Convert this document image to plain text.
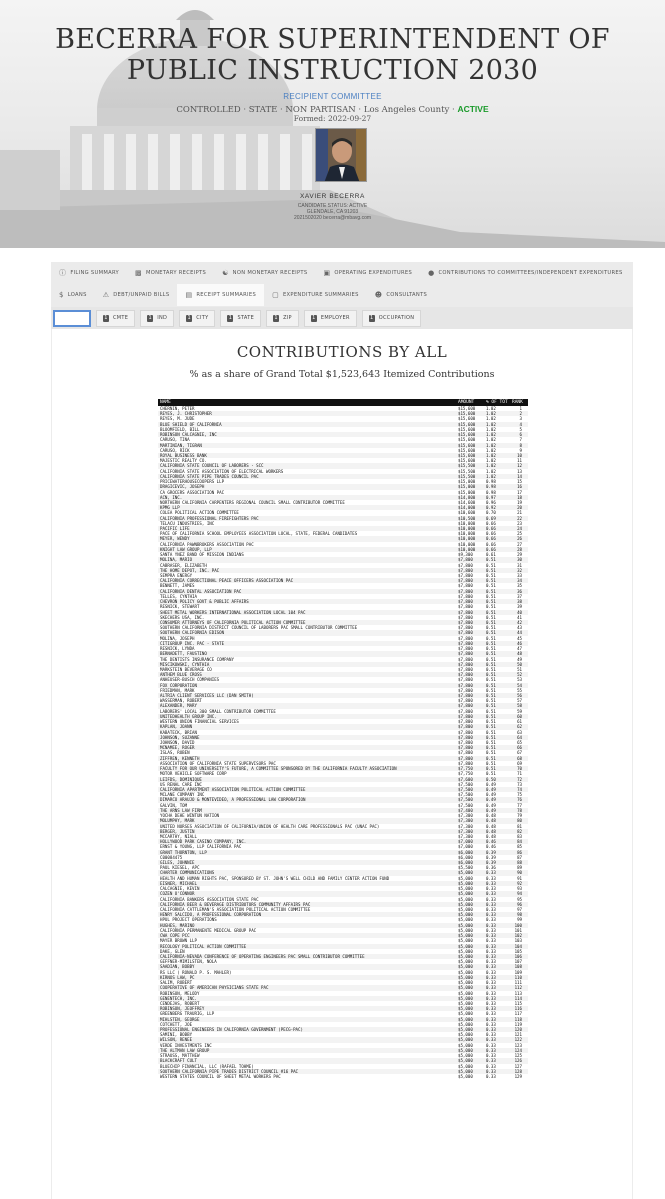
BECERRA FOR SUPERINTENDENT OF PUBLIC INSTRUCTION 2030
RECIPIENT COMMITTEE
CONTROLLED · STATE · NON PARTISAN · Los Angeles County · ACTIVE
Formed: 2022-09-27
XAVIER BECERRA
CANDIDATE STATUS: ACTIVE
GLENDALE, CA 91203
2021502020 becerra@mbavg.com
ⓘ FILING SUMMARY ▩ MONETARY RECEIPTS ☯ NON MONETARY RECEIPTS ▣ OPERATING EXPENDITURES ● CONTRIBUTIONS TO COMMITTEES/INDEPENDENT EXPENDITURES
$ LOANS ⚠ DEBT/UNPAID BILLS ▤ RECEIPT SUMMARIES ▢ EXPENDITURE SUMMARIES ☻ CONSULTANTS
1 CMTE	1 IND	1 CITY	1 STATE	1 ZIP	1 EMPLOYER	1 OCCUPATION
CONTRIBUTIONS BY ALL
% as a share of Grand Total $1,523,643 Itemized Contributions
NAME	AMOUNT	% OF TOT RANK
CHERNIN, PETER	$15,600	1.02	1
REYES, J. CHRISTOPHER	$15,600	1.02	2
REYES, M. JUDE	$15,600	1.02	3
BLUE SHIELD OF CALIFORNIA	$15,600	1.02	4
BLOOMFIELD, BILL	$15,600	1.02	5
ROBINSON CALCAGNIE, INC	$15,600	1.02	6
CARUSO, TINA	$15,600	1.02	7
MARTINIAN, TIGRAN	$15,600	1.02	8
CARUSO, RICK	$15,600	1.02	9
ROYAL BUSINESS BANK	$15,600	1.02	10
MAJESTIC REALTY CO.	$15,600	1.02	11
CALIFORNIA STATE COUNCIL OF LABORERS - SCC	$15,500	1.02	12
CALIFORNIA STATE ASSOCIATION OF ELECTRICAL WORKERS	$15,500	1.02	13
CALIFORNIA STATE PIPE TRADES COUNCIL PAC	$15,500	1.02	14
PRICEWATERHOUSECOOPERS LLP	$15,000	0.98	15
DRAGICEVIC, JOSEPH	$15,000	0.98	16
CA GROCERS ASSOCIATION PAC	$15,000	0.98	17
ACN, INC.	$14,800	0.97	18
NORTHERN CALIFORNIA CARPENTERS REGIONAL COUNCIL SMALL CONTRIBUTOR COMMITTEE	$14,600	0.96	19
KPMG LLP	$14,000	0.92	20
COLEA POLITICAL ACTION COMMITTEE	$10,600	0.70	21
CALIFORNIA PROFESSIONAL FIREFIGHTERS PAC	$10,500	0.69	22
TELACU INDUSTRIES, INC	$10,000	0.66	23
PACIFIC LIFE	$10,000	0.66	24
PACE OF CALIFORNIA SCHOOL EMPLOYEES ASSOCIATION LOCAL, STATE, FEDERAL CANDIDATES	$10,000	0.66	25
MEYER, WENDY	$10,000	0.66	26
CALIFORNIA PAWNBROKERS ASSOCIATION PAC	$10,000	0.66	27
KNIGHT LAW GROUP, LLP	$10,000	0.66	28
SANTA YNEZ BAND OF MISSION INDIANS	$9,300	0.61	29
MOLINA, MARIO	$7,800	0.51	30
CABRASER, ELIZABETH	$7,800	0.51	31
THE HOME DEPOT, INC. PAC	$7,800	0.51	32
SEMPRA ENERGY	$7,800	0.51	33
CALIFORNIA CORRECTIONAL PEACE OFFICERS ASSOCIATION PAC	$7,800	0.51	34
BENNETT, JAMES	$7,800	0.51	35
CALIFORNIA DENTAL ASSOCIATION PAC	$7,800	0.51	36
TELLES, CYNTHIA	$7,800	0.51	37
CHEVRON POLICY GOVT & PUBLIC AFFAIRS	$7,800	0.51	38
RESNICK, STEWART	$7,800	0.51	39
SHEET METAL WORKERS INTERNATIONAL ASSOCIATION LOCAL 104 PAC	$7,800	0.51	40
SKECHERS USA, INC.	$7,800	0.51	41
CONSUMER ATTORNEYS OF CALIFORNIA POLITICAL ACTION COMMITTEE	$7,800	0.51	42
SOUTHERN CALIFORNIA DISTRICT COUNCIL OF LABORERS PAC SMALL CONTRIBUTOR COMMITTEE	$7,800	0.51	43
SOUTHERN CALIFORNIA EDISON	$7,800	0.51	44
MOLINA, JOSEPH	$7,800	0.51	45
CITIGROUP INC. PAC - STATE	$7,800	0.51	46
RESNICK, LYNDA	$7,800	0.51	47
BERNADETT, FAUSTINO	$7,800	0.51	48
THE DENTISTS INSURANCE COMPANY	$7,800	0.51	49
MISCIKOWSKI, CYNTHIA	$7,800	0.51	50
MARKSTEIN BEVERAGE CO	$7,800	0.51	51
ANTHEM BLUE CROSS	$7,800	0.51	52
ANHEUSER-BUSCH COMPANIES	$7,800	0.51	53
FOX CORPORATION	$7,800	0.51	54
FRIEDMAN, MARK	$7,800	0.51	55
ALTRIA CLIENT SERVICES LLC (DAN SMITH)	$7,800	0.51	56
WASSERMAN, ROBERT	$7,800	0.51	57
ALEXANDER, MARY	$7,800	0.51	58
LABORERS' LOCAL 300 SMALL CONTRIBUTOR COMMITTEE	$7,800	0.51	59
UNITEDHEALTH GROUP INC.	$7,800	0.51	60
WESTERN UNION FINANCIAL SERVICES	$7,800	0.51	61
KAPLAN, JOANN	$7,800	0.51	62
KABATECK, BRIAN	$7,800	0.51	63
JOHNSON, SUZANNE	$7,800	0.51	64
JOHNSON, DAVID	$7,800	0.51	65
MCNAMEE, ROGER	$7,800	0.51	66
ISLAS, RUBEN	$7,800	0.51	67
ZIFFREN, KENNETH	$7,800	0.51	68
ASSOCIATION OF CALIFORNIA STATE SUPERVISORS PAC	$7,800	0.51	69
FACULTY FOR OUR UNIVERSITY'S FUTURE, A COMMITTEE SPONSORED BY THE CALIFORNIA FACULTY ASSOCIATION	$7,750	0.51	70
MOTOR VEHICLE SOFTWARE CORP	$7,750	0.51	71
LEIFDS, DOMINIQUE	$7,600	0.50	72
US RENAL CARE INC	$7,500	0.49	73
CALIFORNIA APARTMENT ASSOCIATION POLITICAL ACTION COMMITTEE	$7,500	0.49	74
MCLANE COMPANY INC	$7,500	0.49	75
DIMARCO ARAUJO & MONTEVIDEO, A PROFESSIONAL LAW CORPORATION	$7,500	0.49	76
GALVIN, TOM	$7,500	0.49	77
THE ARNS LAW FIRM	$7,400	0.49	78
YOCHA DEHE WINTUN NATION	$7,300	0.48	79
MOLUMPHY, MARK	$7,300	0.48	80
UNITED NURSES ASSOCIATION OF CALIFORNIA/UNION OF HEALTH CARE PROFESSIONALS PAC (UNAC PAC)	$7,300	0.48	81
BERGER, JUSTIN	$7,300	0.48	82
MCCARTHY, NIALL	$7,300	0.48	83
HOLLYWOOD PARK CASINO COMPANY, INC.	$7,000	0.46	84
ERNST & YOUNG, LLP CALIFORNIA PAC	$7,000	0.46	85
GRANT THORNTON, LLP	$6,000	0.39	86
C00084475	$6,000	0.39	87
GILES, JOHNNIE	$6,000	0.39	88
PAUL KIESEL, APC	$5,500	0.36	89
CHARTER COMMUNICATIONS	$5,000	0.33	90
HEALTH AND HUMAN RIGHTS PAC, SPONSORED BY ST. JOHN'S WELL CHILD AND FAMILY CENTER ACTION FUND	$5,000	0.33	91
EISNER, MICHAEL	$5,000	0.33	92
CALCAGNIE, KEVIN	$5,000	0.33	93
COZEN O'CONNOR	$5,000	0.33	94
CALIFORNIA BANKERS ASSOCIATION STATE PAC	$5,000	0.33	95
CALIFORNIA BEER & BEVERAGE DISTRIBUTORS COMMUNITY AFFAIRS PAC	$5,000	0.33	96
CALIFORNIA CATTLEMAN'S ASSOCIATION POLITICAL ACTION COMMITTEE	$5,000	0.33	97
HENRY SALCIDO, A PROFESSIONAL CORPORATION	$5,000	0.33	98
HPUL PROJECT OPERATIONS	$5,000	0.33	99
HUGHES, MARINO	$5,000	0.33	100
CALIFORNIA PERMANENTE MEDICAL GROUP PAC	$5,000	0.33	101
CWA COPE PCC	$5,000	0.33	102
MAYER BROWN LLP	$5,000	0.33	103
RECOLOGY POLITICAL ACTION COMMITTEE	$5,000	0.33	104
DAKE, GLEN	$5,000	0.33	105
CALIFORNIA-NEVADA CONFERENCE OF OPERATING ENGINEERS PAC SMALL CONTRIBUTOR COMMITTEE	$5,000	0.33	106
GEFFNER-MIMILSTEN, NOLA	$5,000	0.33	107
SAADIAN, BOBBY	$5,000	0.33	108
RS LLC ( RONALD P. S. MAHLER)	$5,000	0.33	109
KIRNOS LAW, PC	$5,000	0.33	110
SALIM, ROBERT	$5,000	0.33	111
COOPERATIVE OF AMERICAN PHYSICIANS STATE PAC	$5,000	0.33	112
ROBINSON, MELODY	$5,000	0.33	113
GENENTECH, INC.	$5,000	0.33	114
CENDEJAS, ROBERT	$5,000	0.33	115
ROBINSON, JEOFFREY	$5,000	0.33	116
GREENBERG TRAURIG, LLP	$5,000	0.33	117
MIHLSTEN, GEORGE	$5,000	0.33	118
COTCHETT, JOE	$5,000	0.33	119
PROFESSIONAL ENGINEERS IN CALIFORNIA GOVERNMENT (PECG-PAC)	$5,000	0.33	120
SAMINI, BOBBY	$5,000	0.33	121
WILSON, RENEE	$5,000	0.33	122
VERDE INVESTMENTS INC	$5,000	0.33	123
THE ALTMAN LAW GROUP	$5,000	0.33	124
STRAUSS, MATTHEW	$5,000	0.33	125
BLACKCRAFT CULT	$5,000	0.33	126
BLUECHIP FINANCIAL, LLC (RAFAEL TOHME)	$5,000	0.33	127
SOUTHERN CALIFORNIA PIPE TRADES DISTRICT COUNCIL #16 PAC	$5,000	0.33	128
WESTERN STATES COUNCIL OF SHEET METAL WORKERS PAC	$5,000	0.33	129
